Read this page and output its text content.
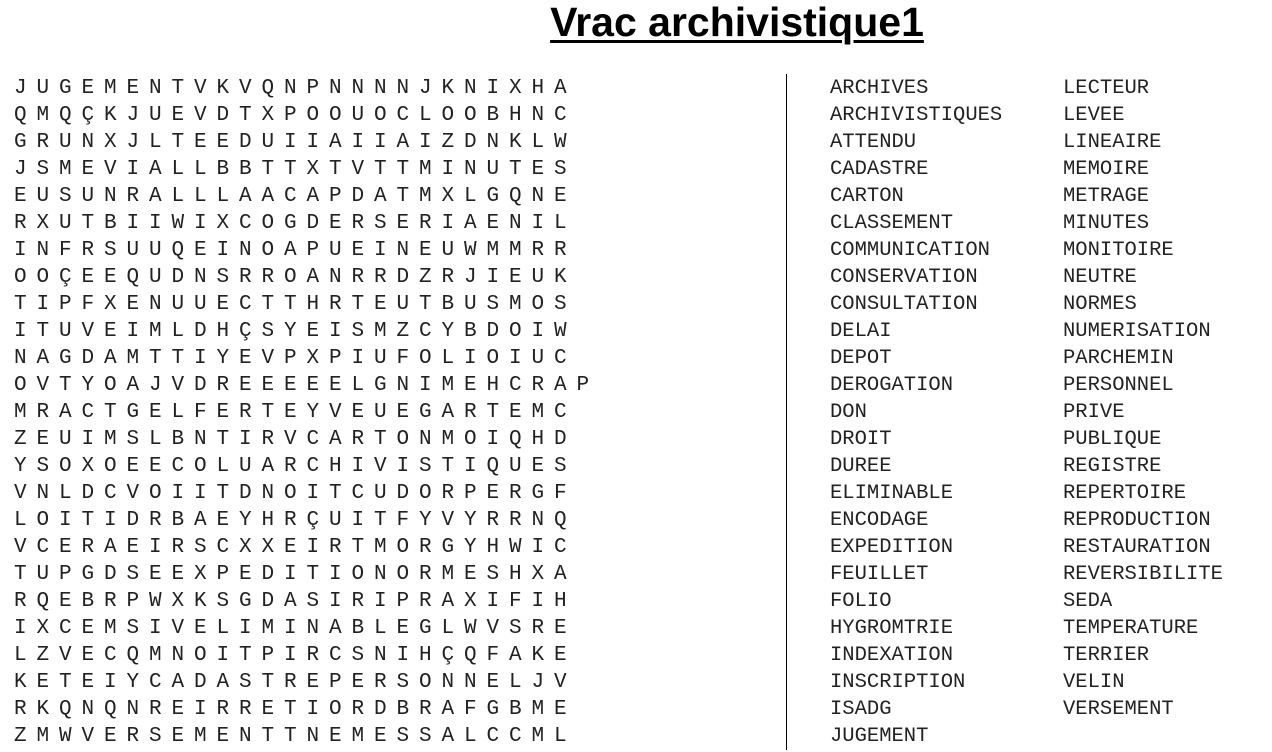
Vrac archivistique1
J U G E M E N T V K V Q N P N N N N J K N I X H A
Q M Q Ç K J U E V D T X P O O U O C L O O B H N C
G R U N X J L T E E D U I I A I I A I Z D N K L W
J S M E V I A L L B B T T X T V T T M I N U T E S
E U S U N R A L L L A A C A P D A T M X L G Q N E
R X U T B I I W I X C O G D E R S E R I A E N I L
I N F R S U U Q E I N O A P U E I N E U W M M R R
O O Ç E E Q U D N S R R O A N R R D Z R J I E U K
T I P F X E N U U E C T T H R T E U T B U S M O S
I T U V E I M L D H Ç S Y E I S M Z C Y B D O I W
N A G D A M T T I Y E V P X P I U F O L I O I U C
O V T Y O A J V D R E E E E E L G N I M E H C R A P
M R A C T G E L F E R T E Y V E U E G A R T E M C
Z E U I M S L B N T I R V C A R T O N M O I Q H D
Y S O X O E E C O L U A R C H I V I S T I Q U E S
V N L D C V O I I T D N O I T C U D O R P E R G F
L O I T I D R B A E Y H R Ç U I T F Y V Y R R N Q
V C E R A E I R S C X X E I R T M O R G Y H W I C
T U P G D S E E X P E D I T I O N O R M E S H X A
R Q E B R P W X K S G D A S I R I P R A X I F I H
I X C E M S I V E L I M I N A B L E G L W V S R E
L Z V E C Q M N O I T P I R C S N I H Ç Q F A K E
K E T E I Y C A D A S T R E P E R S O N N E L J V
R K Q N Q N R E I R R E T I O R D B R A F G B M E
Z M W V E R S E M E N T T N E M E S S A L C C M L
ARCHIVES
ARCHIVISTIQUES
ATTENDU
CADASTRE
CARTON
CLASSEMENT
COMMUNICATION
CONSERVATION
CONSULTATION
DELAI
DEPOT
DEROGATION
DON
DROIT
DUREE
ELIMINABLE
ENCODAGE
EXPEDITION
FEUILLET
FOLIO
HYGROMTRIE
INDEXATION
INSCRIPTION
ISADG
JUGEMENT
LECTEUR
LEVEE
LINEAIRE
MEMOIRE
METRAGE
MINUTES
MONITOIRE
NEUTRE
NORMES
NUMERISATION
PARCHEMIN
PERSONNEL
PRIVE
PUBLIQUE
REGISTRE
REPERTOIRE
REPRODUCTION
RESTAURATION
REVERSIBILITE
SEDA
TEMPERATURE
TERRIER
VELIN
VERSEMENT
